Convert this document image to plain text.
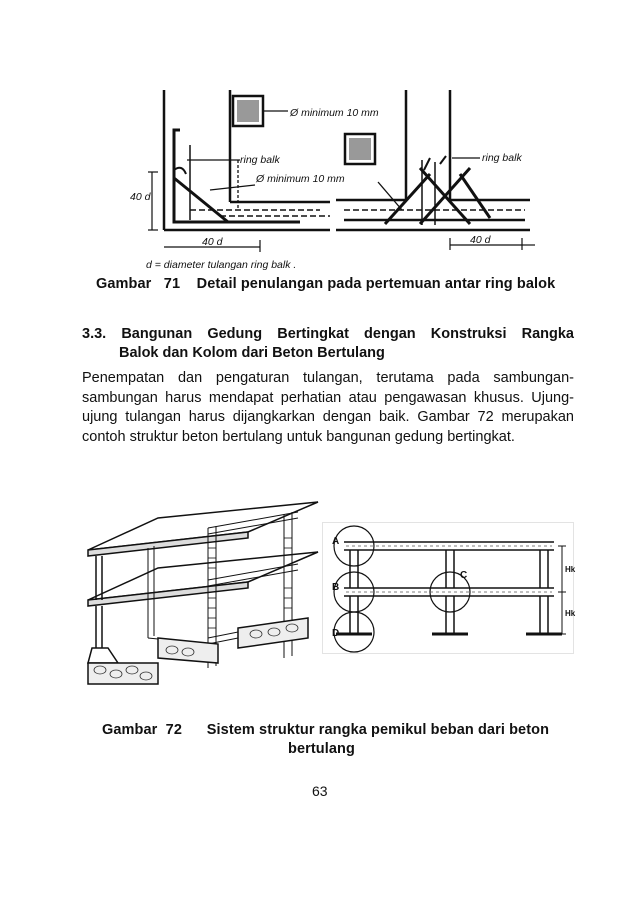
Ø minimum 10 mm
ring balk
Ø minimum 10 mm
ring balk
40 d
40 d	40 d
d = diameter tulangan ring balk .
Gambar   71    Detail penulangan pada pertemuan antar ring balok
3.3.  Bangunan  Gedung  Bertingkat  dengan  Konstruksi  Rangka
Balok dan Kolom dari Beton Bertulang
Penempatan dan pengaturan tulangan, terutama pada sambungan-sambungan harus mendapat perhatian atau pengawasan khusus. Ujung-ujung tulangan harus dijangkarkan dengan baik. Gambar 72 merupakan contoh struktur beton bertulang untuk bangunan gedung bertingkat.
A
B
C
D
Hk
Hk
Gambar  72      Sistem struktur rangka pemikul beban dari beton
bertulang
63
